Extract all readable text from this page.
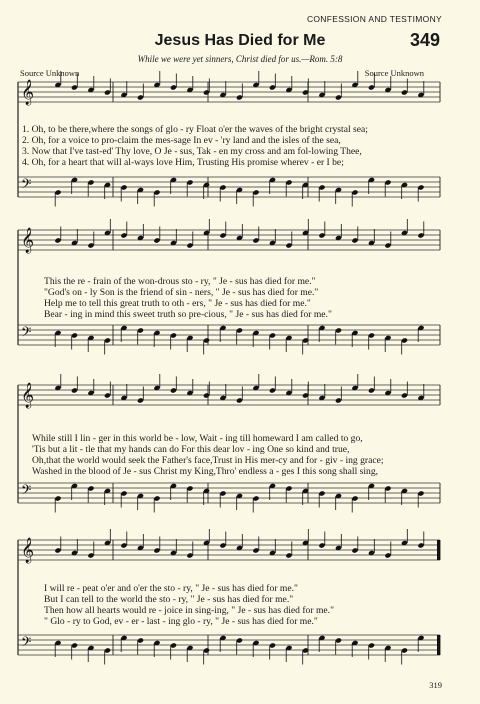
CONFESSION AND TESTIMONY
Jesus Has Died for Me	349
While we were yet sinners, Christ died for us.—Rom. 5:8
Source Unknown	Source Unknown
𝄞
𝄢
𝄞
𝄢
𝄞
𝄢
𝄞
𝄢
1. Oh, to be there,where the songs of glo - ry Float o'er the waves of the bright crystal sea;
2. Oh, for a voice to pro-claim the mes-sage In ev - 'ry land and the isles of the sea,
3. Now that I've tast-ed' Thy love, O Je - sus, Tak - en my cross and am fol-lowing Thee,
4. Oh, for a heart that will al-ways love Him, Trusting His promise wherev - er I be;
This the re - frain of the won-drous sto - ry, " Je - sus has died for me."
"God's on - ly Son is the friend of sin - ners, " Je - sus has died for me."
Help me to tell this great truth to oth - ers, " Je - sus has died for me."
Bear - ing in mind this sweet truth so pre-cious, " Je - sus has died for me."
While still I lin - ger in this world be - low, Wait - ing till homeward I am called to go,
'Tis but a lit - tle that my hands can do For this dear lov - ing One so kind and true,
Oh,that the world would seek the Father's face,Trust in His mer-cy and for - giv - ing grace;
Washed in the blood of Je - sus Christ my King,Thro' endless a - ges I this song shall sing,
I will re - peat o'er and o'er the sto - ry, " Je - sus has died for me."
But I can tell to the world the sto - ry, " Je - sus has died for me."
Then how all hearts would re - joice in sing-ing, " Je - sus has died for me."
" Glo - ry to God, ev - er - last - ing glo - ry, " Je - sus has died for me."
319
